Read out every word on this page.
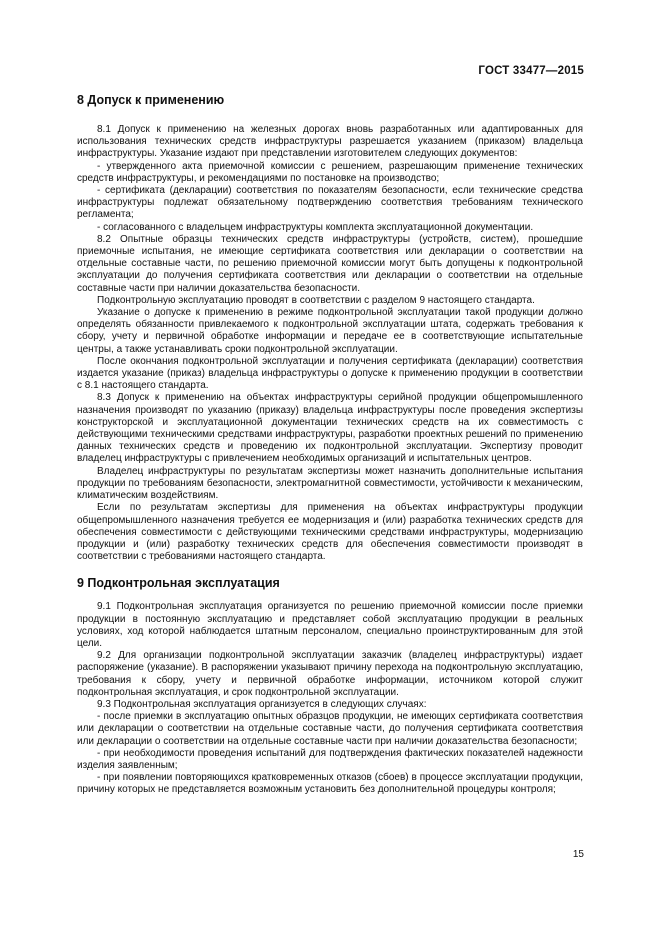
ГОСТ 33477—2015
8 Допуск к применению

8.1 Допуск к применению на железных дорогах вновь разработанных или адаптированных для использования технических средств инфраструктуры разрешается указанием (приказом) владельца инфраструктуры. Указание издают при представлении изготовителем следующих документов:

- утвержденного акта приемочной комиссии с решением, разрешающим применение технических средств инфраструктуры, и рекомендациями по постановке на производство;

- сертификата (декларации) соответствия по показателям безопасности, если технические средства инфраструктуры подлежат обязательному подтверждению соответствия требованиям технического регламента;

- согласованного с владельцем инфраструктуры комплекта эксплуатационной документации.

8.2 Опытные образцы технических средств инфраструктуры (устройств, систем), прошедшие приемочные испытания, не имеющие сертификата соответствия или декларации о соответствии на отдельные составные части, по решению приемочной комиссии могут быть допущены к подконтрольной эксплуатации до получения сертификата соответствия или декларации о соответствии на отдельные составные части при наличии доказательства безопасности.

Подконтрольную эксплуатацию проводят в соответствии с разделом 9 настоящего стандарта.

Указание о допуске к применению в режиме подконтрольной эксплуатации такой продукции должно определять обязанности привлекаемого к подконтрольной эксплуатации штата, содержать требования к сбору, учету и первичной обработке информации и передаче ее в соответствующие испытательные центры, а также устанавливать сроки подконтрольной эксплуатации.

После окончания подконтрольной эксплуатации и получения сертификата (декларации) соответствия издается указание (приказ) владельца инфраструктуры о допуске к применению продукции в соответствии с 8.1 настоящего стандарта.

8.3 Допуск к применению на объектах инфраструктуры серийной продукции общепромышленного назначения производят по указанию (приказу) владельца инфраструктуры после проведения экспертизы конструкторской и эксплуатационной документации технических средств на их совместимость с действующими техническими средствами инфраструктуры, разработки проектных решений по применению данных технических средств и проведению их подконтрольной эксплуатации. Экспертизу проводит владелец инфраструктуры с привлечением необходимых организаций и испытательных центров.

Владелец инфраструктуры по результатам экспертизы может назначить дополнительные испытания продукции по требованиям безопасности, электромагнитной совместимости, устойчивости к механическим, климатическим воздействиям.

Если по результатам экспертизы для применения на объектах инфраструктуры продукции общепромышленного назначения требуется ее модернизация и (или) разработка технических средств для обеспечения совместимости с действующими техническими средствами инфраструктуры, модернизацию продукции и (или) разработку технических средств для обеспечения совместимости производят в соответствии с требованиями настоящего стандарта.

9 Подконтрольная эксплуатация

9.1 Подконтрольная эксплуатация организуется по решению приемочной комиссии после приемки продукции в постоянную эксплуатацию и представляет собой эксплуатацию продукции в реальных условиях, ход которой наблюдается штатным персоналом, специально проинструктированным для этой цели.

9.2 Для организации подконтрольной эксплуатации заказчик (владелец инфраструктуры) издает распоряжение (указание). В распоряжении указывают причину перехода на подконтрольную эксплуатацию, требования к сбору, учету и первичной обработке информации, источником которой служит подконтрольная эксплуатация, и срок подконтрольной эксплуатации.

9.3 Подконтрольная эксплуатация организуется в следующих случаях:

- после приемки в эксплуатацию опытных образцов продукции, не имеющих сертификата соответствия или декларации о соответствии на отдельные составные части, до получения сертификата соответствия или декларации о соответствии на отдельные составные части при наличии доказательства безопасности;

- при необходимости проведения испытаний для подтверждения фактических показателей надежности изделия заявленным;

- при появлении повторяющихся кратковременных отказов (сбоев) в процессе эксплуатации продукции, причину которых не представляется возможным установить без дополнительной процедуры контроля;

15
